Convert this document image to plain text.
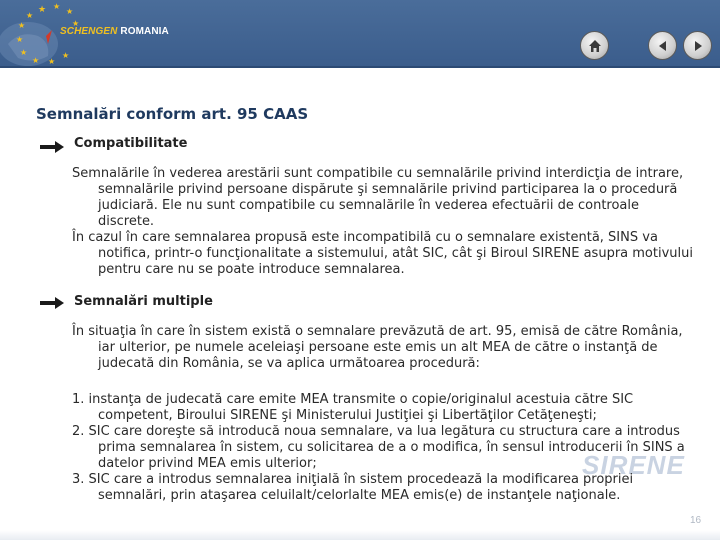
★ ★
★
★
★	★
★
★
★ ★
★
SCHENGEN ROMANIA
Semnalări conform art. 95 CAAS
Compatibilitate
Semnalările în vederea arestării sunt compatibile cu semnalările privind interdicţia de intrare, semnalările privind persoane dispărute şi semnalările privind participarea la o procedură judiciară. Ele nu sunt compatibile cu semnalările în vederea efectuării de controale discrete.
În cazul în care semnalarea propusă este incompatibilă cu o semnalare existentă, SINS va notifica, printr-o funcţionalitate a sistemului, atât SIC, cât şi Biroul SIRENE asupra motivului pentru care nu se poate introduce semnalarea.
Semnalări multiple
În situaţia în care în sistem există o semnalare prevăzută de art. 95, emisă de către România, iar ulterior, pe numele aceleiaşi persoane este emis un alt MEA de către o instanţă de judecată din România, se va aplica următoarea procedură:
SIRENE
1. instanţa de judecată care emite MEA transmite o copie/originalul acestuia către SIC competent, Biroului SIRENE şi Ministerului Justiţiei şi Libertăţilor Cetăţeneşti;
2. SIC care doreşte să introducă noua semnalare, va lua legătura cu structura care a introdus prima semnalarea în sistem, cu solicitarea de a o modifica, în sensul introducerii în SINS a datelor privind MEA emis ulterior;
3. SIC care a introdus semnalarea iniţială în sistem procedează la modificarea propriei semnalări, prin ataşarea celuilalt/celorlalte MEA emis(e) de instanţele naţionale.
16
